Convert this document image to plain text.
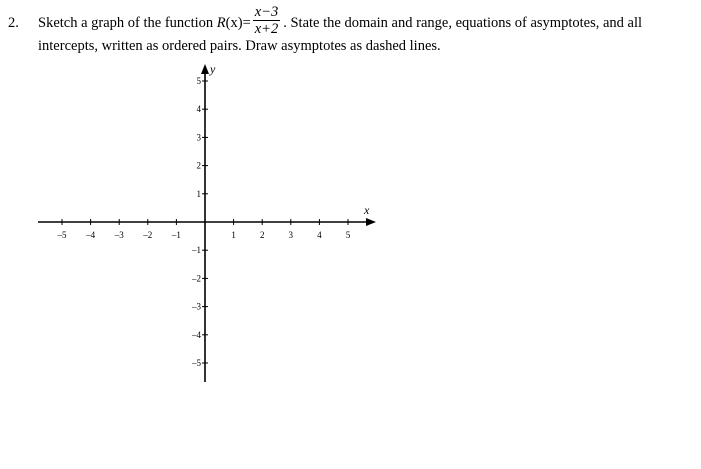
2. Sketch a graph of the function $R(x)= \frac{x-3}{x+2}$ . State the domain and range, equations of asymptotes, and all
intercepts, written as ordered pairs. Draw asymptotes as dashed lines.
–5 –4 –3 –2 –1	1	2	3	4	5
5
4
3
2
1
–1
–2
–3
–4
–5
x
y
